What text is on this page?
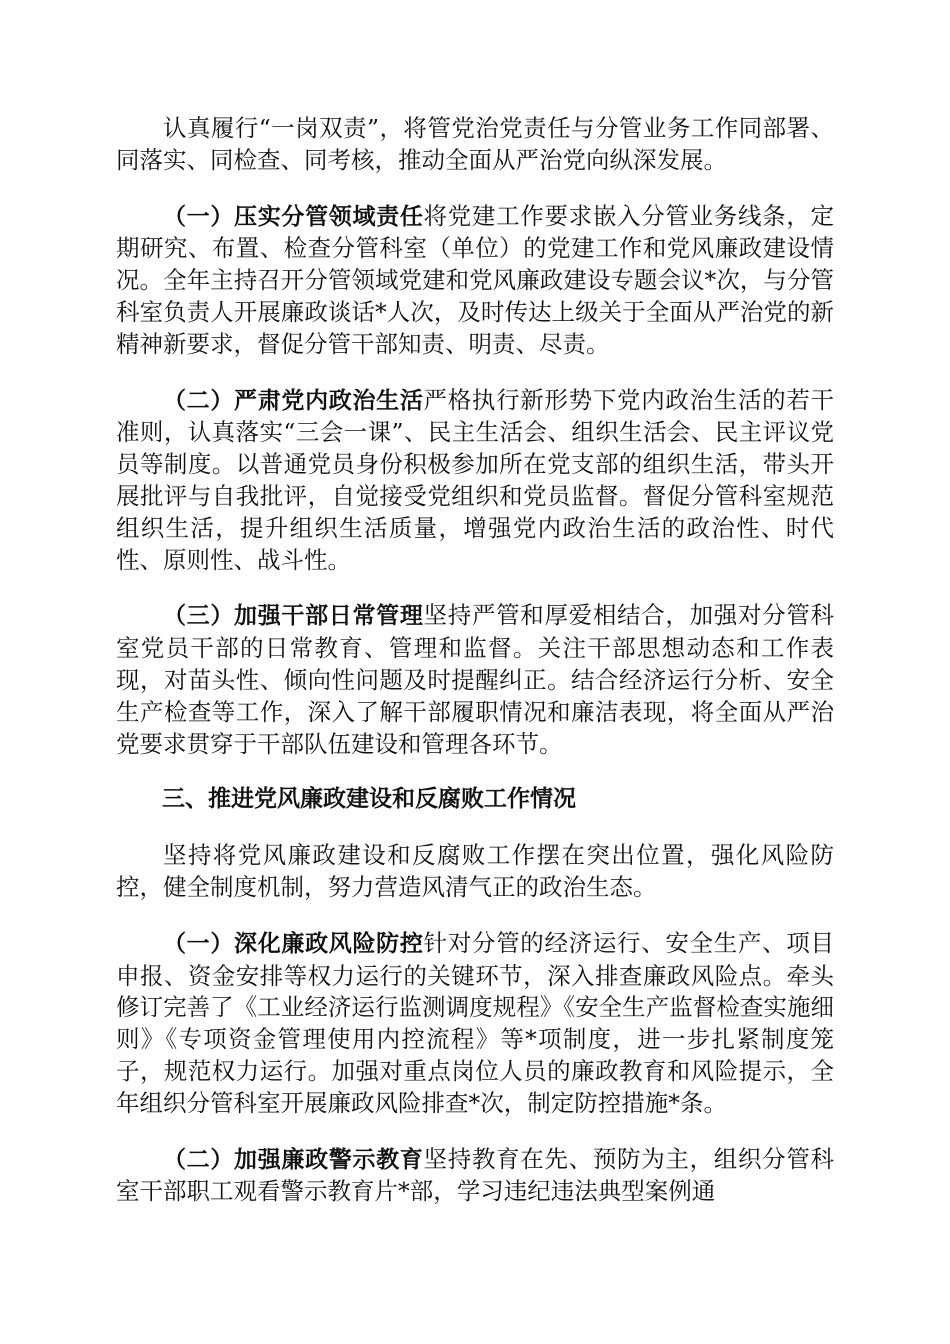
认真履行“一岗双责”，将管党治党责任与分管业务工作同部署、同落实、同检查、同考核，推动全面从严治党向纵深发展。

（一）压实分管领域责任将党建工作要求嵌入分管业务线条，定期研究、布置、检查分管科室（单位）的党建工作和党风廉政建设情况。全年主持召开分管领域党建和党风廉政建设专题会议*次，与分管科室负责人开展廉政谈话*人次，及时传达上级关于全面从严治党的新精神新要求，督促分管干部知责、明责、尽责。

（二）严肃党内政治生活严格执行新形势下党内政治生活的若干准则，认真落实“三会一课”、民主生活会、组织生活会、民主评议党员等制度。以普通党员身份积极参加所在党支部的组织生活，带头开展批评与自我批评，自觉接受党组织和党员监督。督促分管科室规范组织生活，提升组织生活质量，增强党内政治生活的政治性、时代性、原则性、战斗性。

（三）加强干部日常管理坚持严管和厚爱相结合，加强对分管科室党员干部的日常教育、管理和监督。关注干部思想动态和工作表现，对苗头性、倾向性问题及时提醒纠正。结合经济运行分析、安全生产检查等工作，深入了解干部履职情况和廉洁表现，将全面从严治党要求贯穿于干部队伍建设和管理各环节。

三、推进党风廉政建设和反腐败工作情况

坚持将党风廉政建设和反腐败工作摆在突出位置，强化风险防控，健全制度机制，努力营造风清气正的政治生态。

（一）深化廉政风险防控针对分管的经济运行、安全生产、项目申报、资金安排等权力运行的关键环节，深入排查廉政风险点。牵头修订完善了《工业经济运行监测调度规程》《安全生产监督检查实施细则》《专项资金管理使用内控流程》等*项制度，进一步扎紧制度笼子，规范权力运行。加强对重点岗位人员的廉政教育和风险提示，全年组织分管科室开展廉政风险排查*次，制定防控措施*条。

（二）加强廉政警示教育坚持教育在先、预防为主，组织分管科室干部职工观看警示教育片*部，学习违纪违法典型案例通
